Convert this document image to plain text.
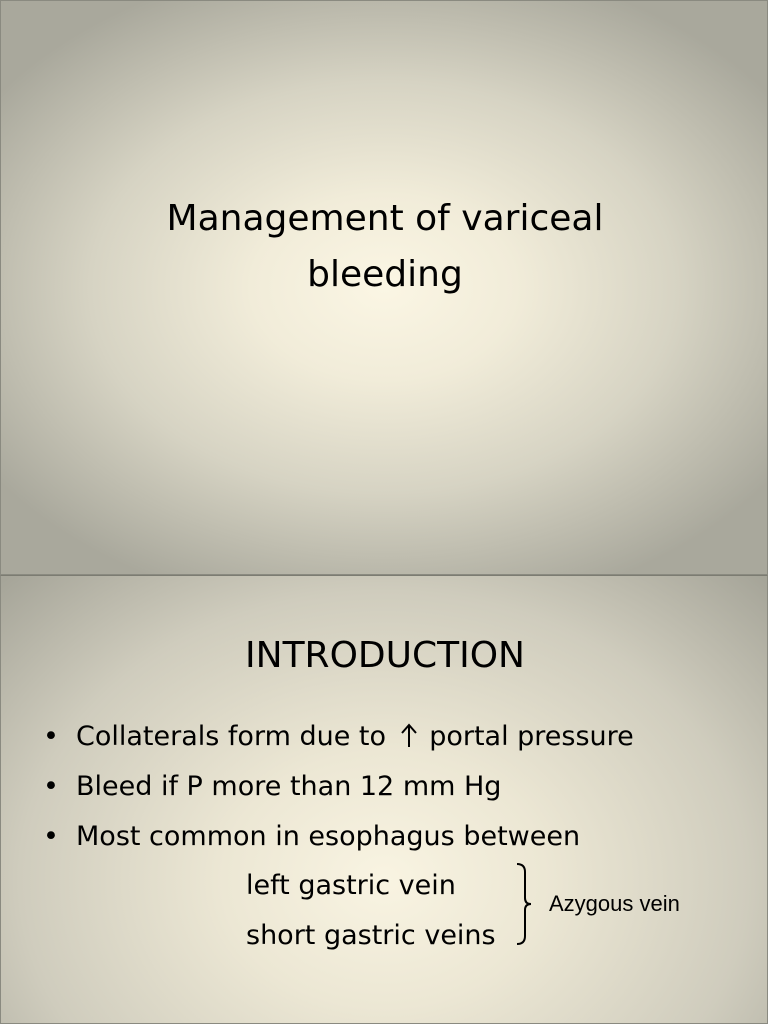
Management of variceal
bleeding
INTRODUCTION
• Collaterals form due to portal pressure
• Bleed if P more than 12 mm Hg
• Most common in esophagus between
left gastric vein
short gastric veins
Azygous vein
